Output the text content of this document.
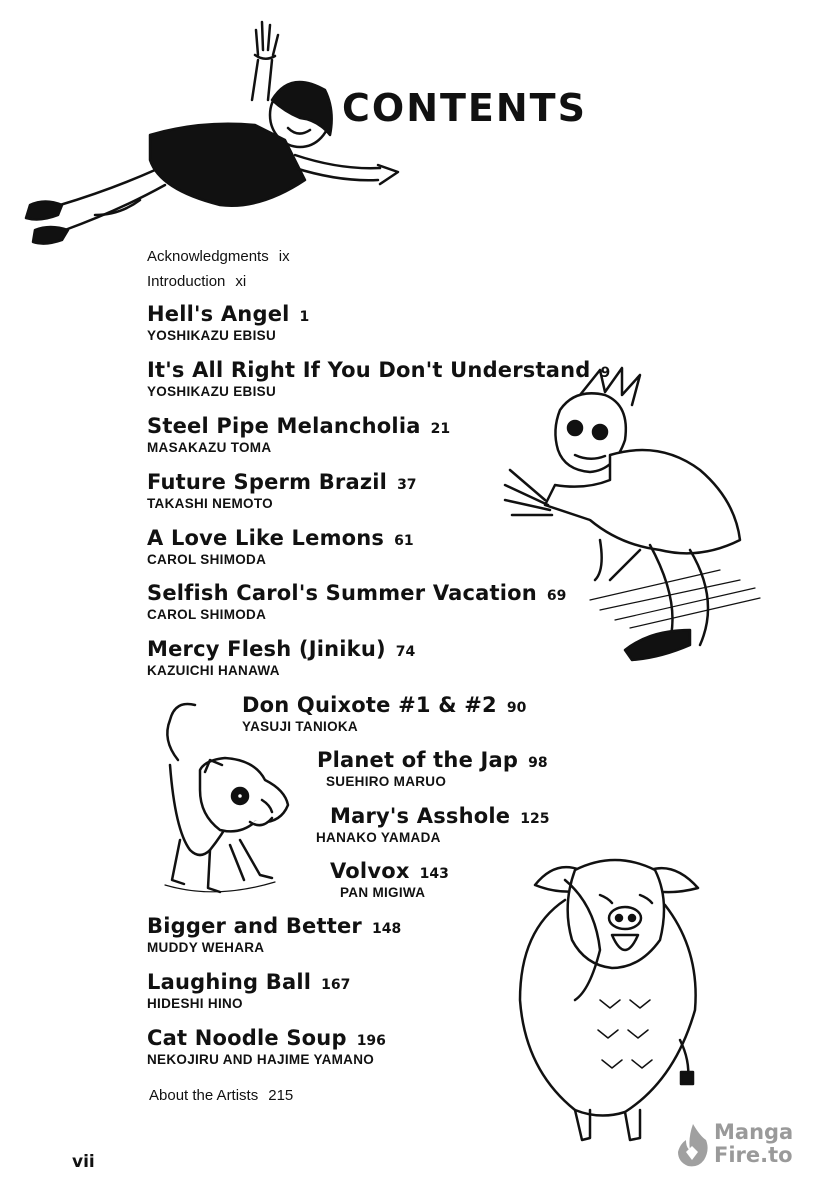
CONTENTS
Acknowledgments ix
Introduction xi
Hell's Angel 1
YOSHIKAZU EBISU
It's All Right If You Don't Understand 9
YOSHIKAZU EBISU
Steel Pipe Melancholia 21
MASAKAZU TOMA
Future Sperm Brazil 37
TAKASHI NEMOTO
A Love Like Lemons 61
CAROL SHIMODA
Selfish Carol's Summer Vacation 69
CAROL SHIMODA
Mercy Flesh (Jiniku) 74
KAZUICHI HANAWA
Don Quixote #1 & #2 90
YASUJI TANIOKA
Planet of the Jap 98
SUEHIRO MARUO
Mary's Asshole 125
HANAKO YAMADA
Volvox 143
PAN MIGIWA
Bigger and Better 148
MUDDY WEHARA
Laughing Ball 167
HIDESHI HINO
Cat Noodle Soup 196
NEKOJIRU AND HAJIME YAMANO
About the Artists 215
vii
Manga
Fire.to
